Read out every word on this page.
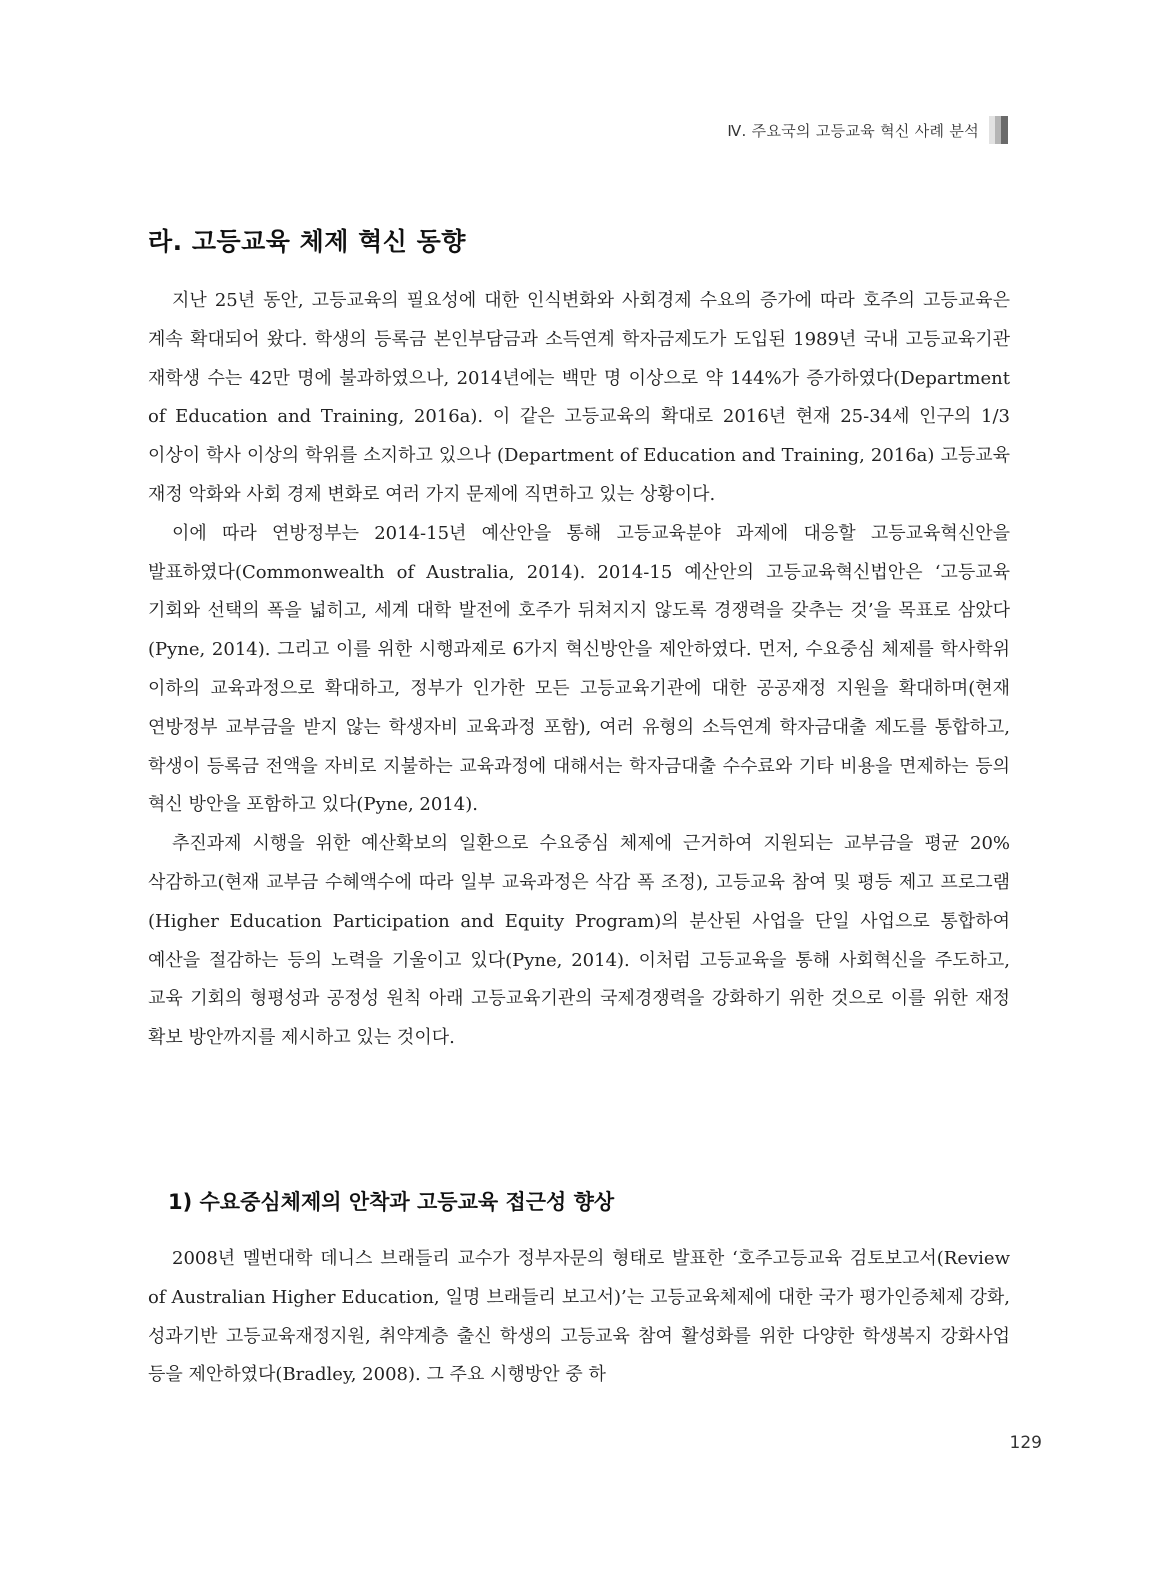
Ⅳ. 주요국의 고등교육 혁신 사례 분석
라. 고등교육 체제 혁신 동향

지난 25년 동안, 고등교육의 필요성에 대한 인식변화와 사회경제 수요의 증가에 따라 호주의 고등교육은 계속 확대되어 왔다. 학생의 등록금 본인부담금과 소득연계 학자금제도가 도입된 1989년 국내 고등교육기관 재학생 수는 42만 명에 불과하였으나, 2014년에는 백만 명 이상으로 약 144%가 증가하였다(Department of Education and Training, 2016a). 이 같은 고등교육의 확대로 2016년 현재 25-34세 인구의 1/3 이상이 학사 이상의 학위를 소지하고 있으나 (Department of Education and Training, 2016a) 고등교육 재정 악화와 사회 경제 변화로 여러 가지 문제에 직면하고 있는 상황이다.

이에 따라 연방정부는 2014-15년 예산안을 통해 고등교육분야 과제에 대응할 고등교육혁신안을 발표하였다(Commonwealth of Australia, 2014). 2014-15 예산안의 고등교육혁신법안은 ‘고등교육 기회와 선택의 폭을 넓히고, 세계 대학 발전에 호주가 뒤쳐지지 않도록 경쟁력을 갖추는 것’을 목표로 삼았다(Pyne, 2014). 그리고 이를 위한 시행과제로 6가지 혁신방안을 제안하였다. 먼저, 수요중심 체제를 학사학위 이하의 교육과정으로 확대하고, 정부가 인가한 모든 고등교육기관에 대한 공공재정 지원을 확대하며(현재 연방정부 교부금을 받지 않는 학생자비 교육과정 포함), 여러 유형의 소득연계 학자금대출 제도를 통합하고, 학생이 등록금 전액을 자비로 지불하는 교육과정에 대해서는 학자금대출 수수료와 기타 비용을 면제하는 등의 혁신 방안을 포함하고 있다(Pyne, 2014).

추진과제 시행을 위한 예산확보의 일환으로 수요중심 체제에 근거하여 지원되는 교부금을 평균 20% 삭감하고(현재 교부금 수혜액수에 따라 일부 교육과정은 삭감 폭 조정), 고등교육 참여 및 평등 제고 프로그램(Higher Education Participation and Equity Program)의 분산된 사업을 단일 사업으로 통합하여 예산을 절감하는 등의 노력을 기울이고 있다(Pyne, 2014). 이처럼 고등교육을 통해 사회혁신을 주도하고, 교육 기회의 형평성과 공정성 원칙 아래 고등교육기관의 국제경쟁력을 강화하기 위한 것으로 이를 위한 재정 확보 방안까지를 제시하고 있는 것이다.

1) 수요중심체제의 안착과 고등교육 접근성 향상

2008년 멜번대학 데니스 브래들리 교수가 정부자문의 형태로 발표한 ‘호주고등교육 검토보고서(Review of Australian Higher Education, 일명 브래들리 보고서)’는 고등교육체제에 대한 국가 평가인증체제 강화, 성과기반 고등교육재정지원, 취약계층 출신 학생의 고등교육 참여 활성화를 위한 다양한 학생복지 강화사업 등을 제안하였다(Bradley, 2008). 그 주요 시행방안 중 하

129
